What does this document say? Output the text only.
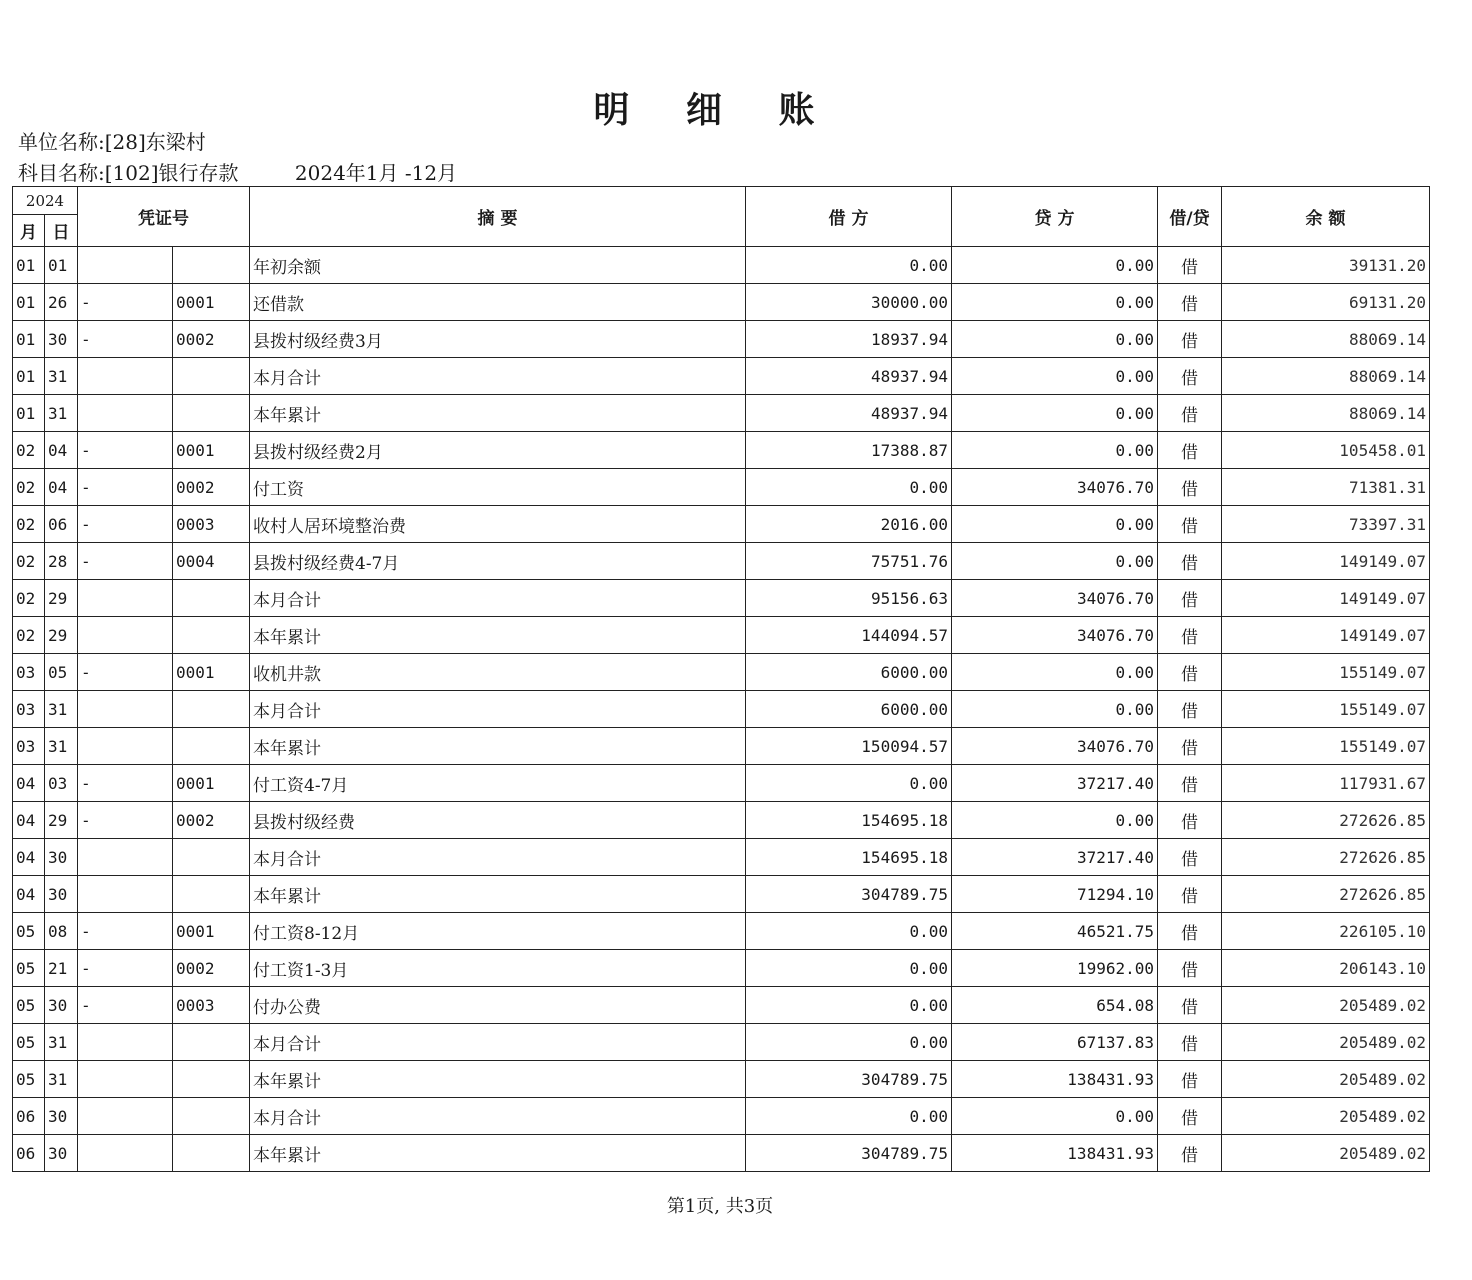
明 细 账
单位名称:[28]东梁村
科目名称:[102]银行存款	2024年1月 -12月
2024		凭证号		摘 要	借 方	贷 方	借/贷	余 额
月	日							
01	01			年初余额	0.00	0.00	借	39131.20
01	26	-	0001	还借款	30000.00	0.00	借	69131.20
01	30	-	0002	县拨村级经费3月	18937.94	0.00	借	88069.14
01	31			本月合计	48937.94	0.00	借	88069.14
01	31			本年累计	48937.94	0.00	借	88069.14
02	04	-	0001	县拨村级经费2月	17388.87	0.00	借	105458.01
02	04	-	0002	付工资	0.00	34076.70	借	71381.31
02	06	-	0003	收村人居环境整治费	2016.00	0.00	借	73397.31
02	28	-	0004	县拨村级经费4-7月	75751.76	0.00	借	149149.07
02	29			本月合计	95156.63	34076.70	借	149149.07
02	29			本年累计	144094.57	34076.70	借	149149.07
03	05	-	0001	收机井款	6000.00	0.00	借	155149.07
03	31			本月合计	6000.00	0.00	借	155149.07
03	31			本年累计	150094.57	34076.70	借	155149.07
04	03	-	0001	付工资4-7月	0.00	37217.40	借	117931.67
04	29	-	0002	县拨村级经费	154695.18	0.00	借	272626.85
04	30			本月合计	154695.18	37217.40	借	272626.85
04	30			本年累计	304789.75	71294.10	借	272626.85
05	08	-	0001	付工资8-12月	0.00	46521.75	借	226105.10
05	21	-	0002	付工资1-3月	0.00	19962.00	借	206143.10
05	30	-	0003	付办公费	0.00	654.08	借	205489.02
05	31			本月合计	0.00	67137.83	借	205489.02
05	31			本年累计	304789.75	138431.93	借	205489.02
06	30			本月合计	0.00	0.00	借	205489.02
06	30			本年累计	304789.75	138431.93	借	205489.02
第1页, 共3页
